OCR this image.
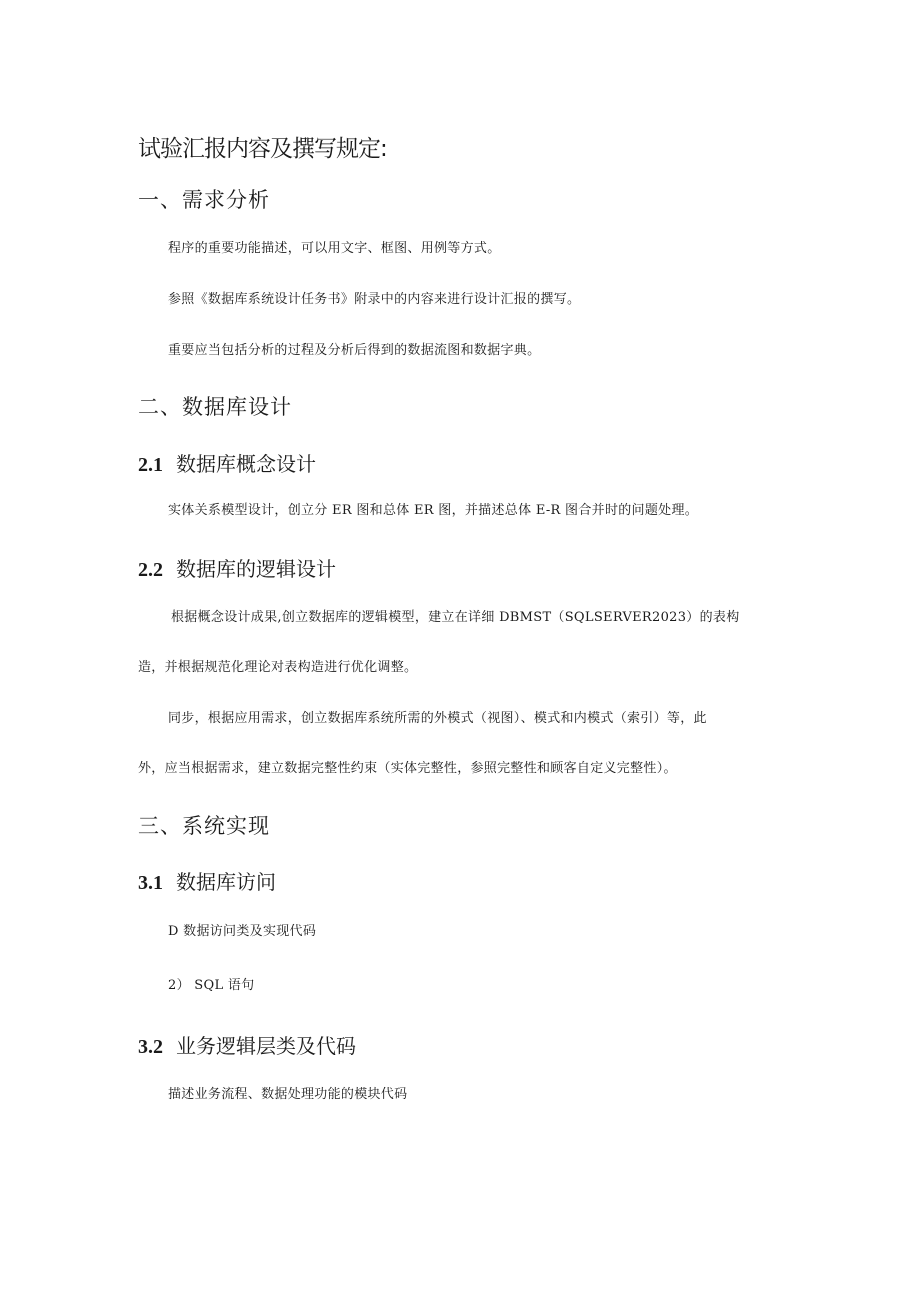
试验汇报内容及撰写规定:
一、需求分析
程序的重要功能描述，可以用文字、框图、用例等方式。
参照《数据库系统设计任务书》附录中的内容来进行设计汇报的撰写。
重要应当包括分析的过程及分析后得到的数据流图和数据字典。
二、数据库设计
2.1 数据库概念设计
实体关系模型设计，创立分 ER 图和总体 ER 图，并描述总体 E-R 图合并时的问题处理。
2.2 数据库的逻辑设计
根据概念设计成果,创立数据库的逻辑模型，建立在详细 DBMST（SQLSERVER2023）的表构
造，并根据规范化理论对表构造进行优化调整。
同步，根据应用需求，创立数据库系统所需的外模式（视图）、模式和内模式（索引）等，此
外，应当根据需求，建立数据完整性约束（实体完整性，参照完整性和顾客自定义完整性）。
三、系统实现
3.1 数据库访问
D 数据访问类及实现代码
2） SQL 语句
3.2 业务逻辑层类及代码
描述业务流程、数据处理功能的模块代码
